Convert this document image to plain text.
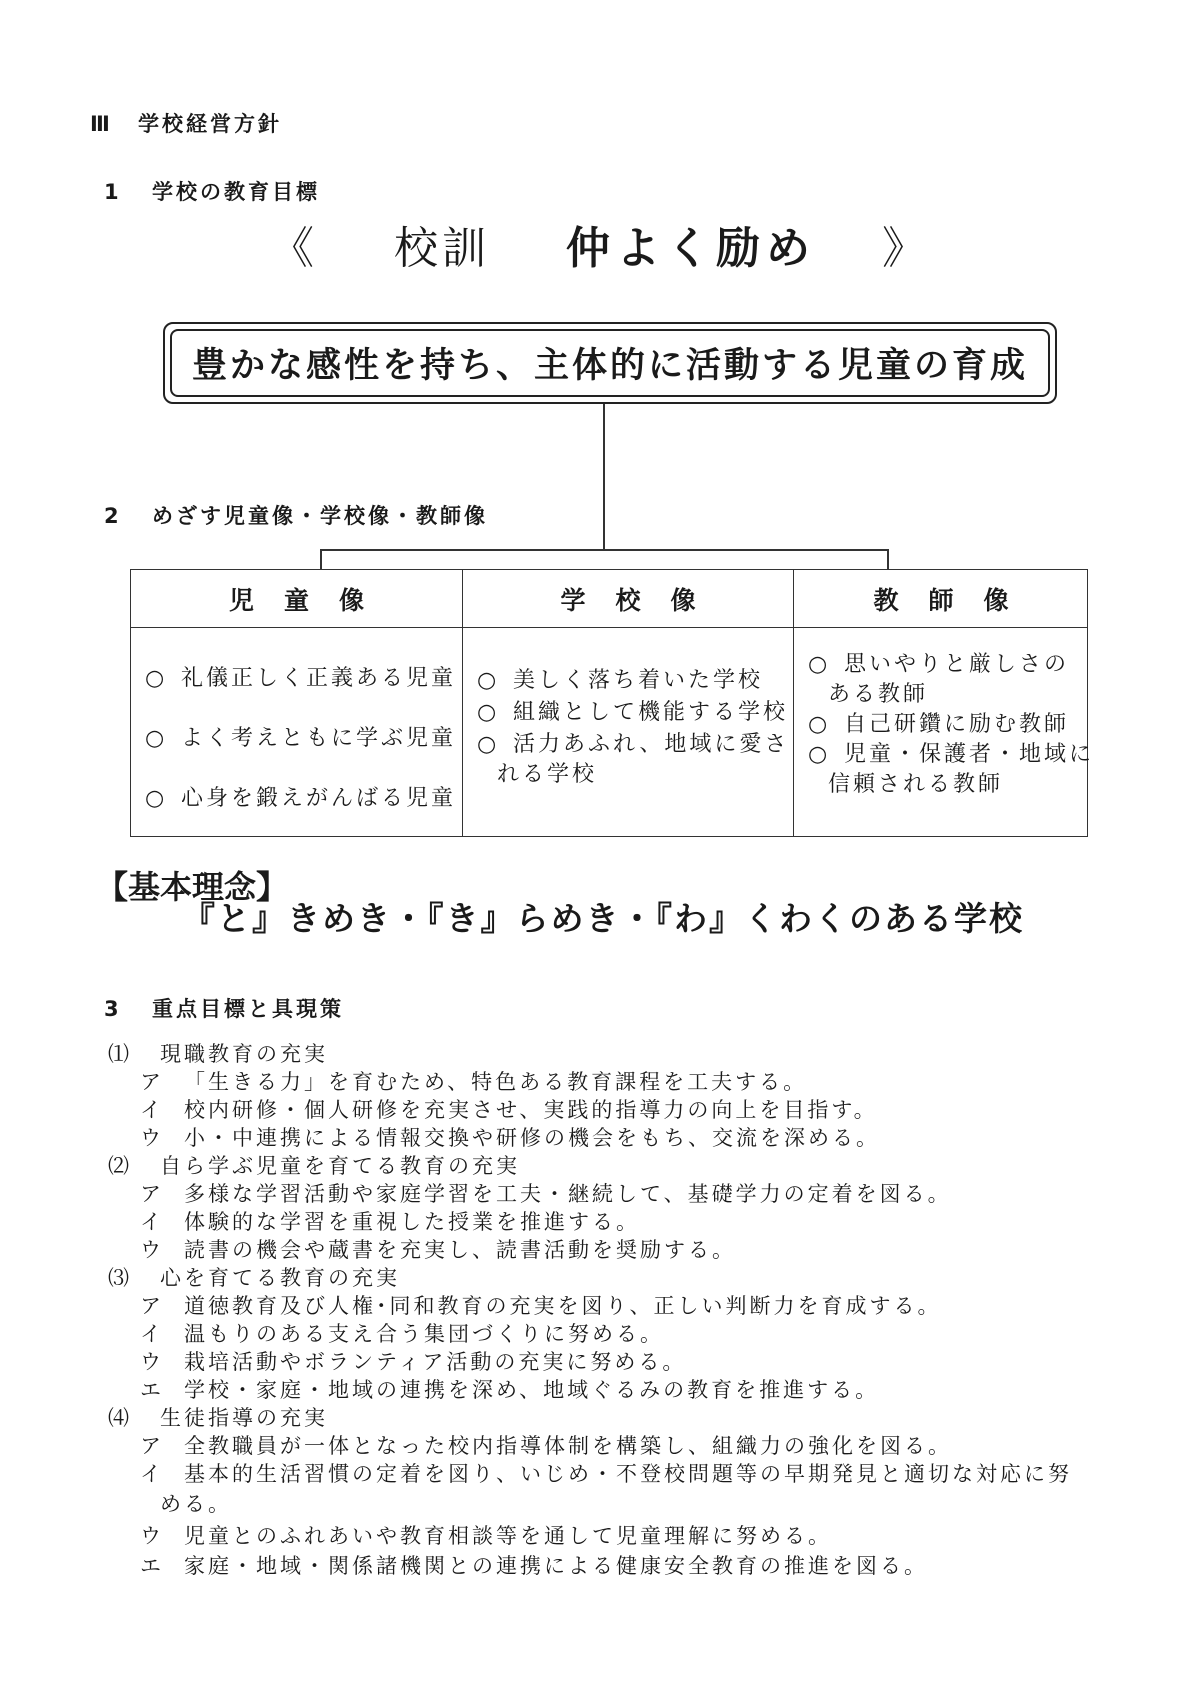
Ⅲ 学校経営方針
1 学校の教育目標
《 校訓 仲よく励め 》
豊かな感性を持ち、主体的に活動する児童の育成
2 めざす児童像・学校像・教師像
児童像
○ 礼儀正しく正義ある児童
○ よく考えともに学ぶ児童
○ 心身を鍛えがんばる児童
学校像
○ 美しく落ち着いた学校
○ 組織として機能する学校
○ 活力あふれ、地域に愛さ
れる学校
教師像
○ 思いやりと厳しさの
ある教師
○ 自己研鑽に励む教師
○ 児童・保護者・地域に
信頼される教師
【基本理念】
『と』きめき・『き』らめき・『わ』くわくのある学校
3 重点目標と具現策
⑴ 現職教育の充実
ア 「生きる力」を育むため、特色ある教育課程を工夫する。
イ 校内研修・個人研修を充実させ、実践的指導力の向上を目指す。
ウ 小・中連携による情報交換や研修の機会をもち、交流を深める。
⑵ 自ら学ぶ児童を育てる教育の充実
ア 多様な学習活動や家庭学習を工夫・継続して、基礎学力の定着を図る。
イ 体験的な学習を重視した授業を推進する。
ウ 読書の機会や蔵書を充実し、読書活動を奨励する。
⑶ 心を育てる教育の充実
ア 道徳教育及び人権･同和教育の充実を図り、正しい判断力を育成する。
イ 温もりのある支え合う集団づくりに努める。
ウ 栽培活動やボランティア活動の充実に努める。
エ 学校・家庭・地域の連携を深め、地域ぐるみの教育を推進する。
⑷ 生徒指導の充実
ア 全教職員が一体となった校内指導体制を構築し、組織力の強化を図る。
イ 基本的生活習慣の定着を図り、いじめ・不登校問題等の早期発見と適切な対応に努
める。
ウ 児童とのふれあいや教育相談等を通して児童理解に努める。
エ 家庭・地域・関係諸機関との連携による健康安全教育の推進を図る。
